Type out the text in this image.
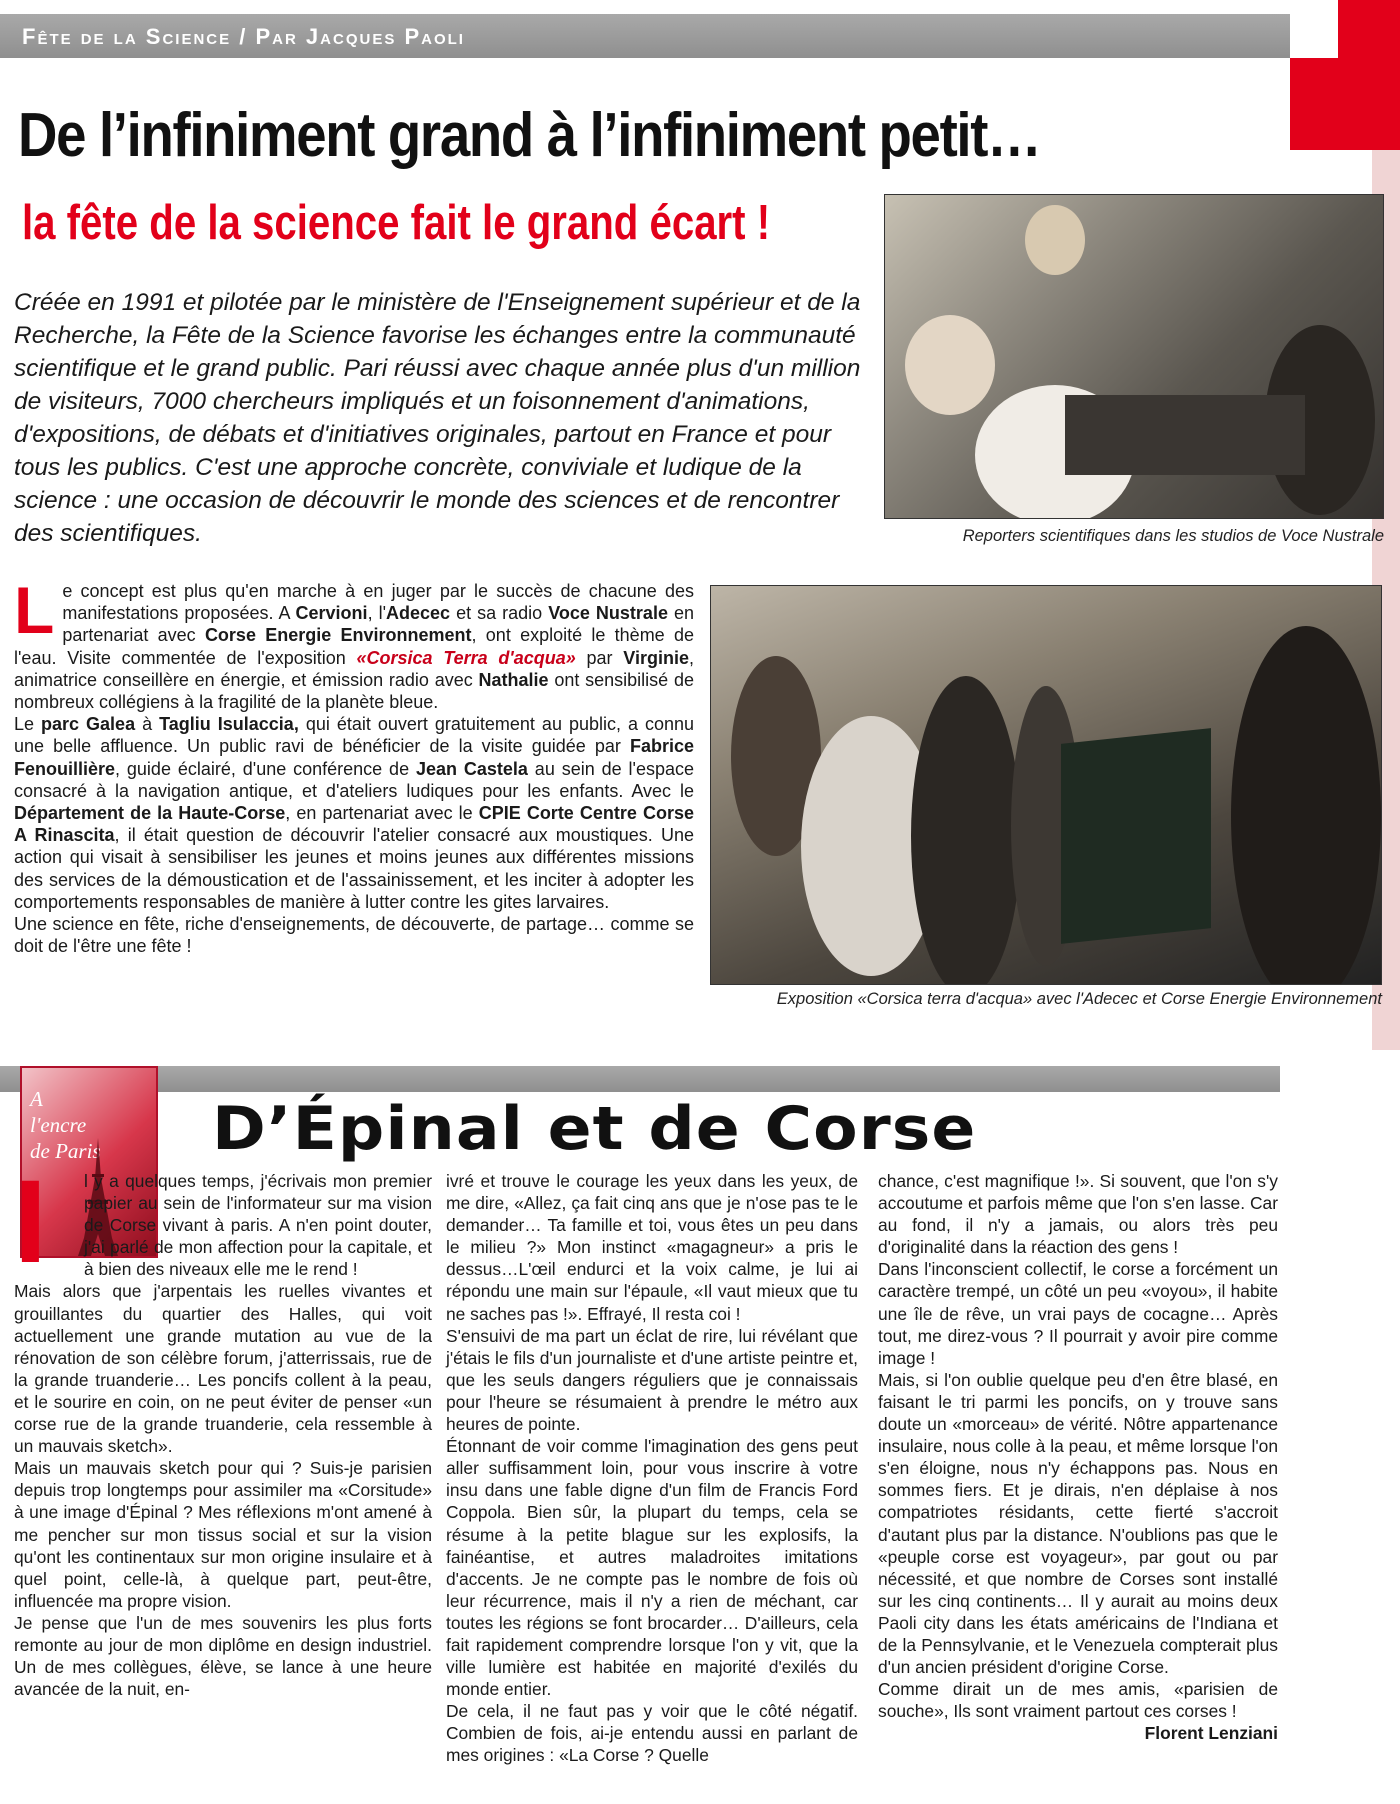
Fête de la Science / Par Jacques Paoli
De l’infiniment grand à l’infiniment petit…
la fête de la science fait le grand écart !
Créée en 1991 et pilotée par le ministère de l'Enseignement supérieur et de la Recherche, la Fête de la Science favorise les échanges entre la communauté scientifique et le grand public. Pari réussi avec chaque année plus d'un million de visiteurs, 7000 chercheurs impliqués et un foisonnement d'animations, d'expositions, de débats et d'initiatives originales, partout en France et pour tous les publics. C'est une approche concrète, conviviale et ludique de la science : une occasion de découvrir le monde des sciences et de rencontrer des scientifiques.	Reporters scientifiques dans les studios de Voce Nustrale
Exposition «Corsica terra d'acqua» avec l'Adecec et Corse Energie Environnement

Le concept est plus qu'en marche à en juger par le succès de chacune des manifestations proposées. A Cervioni, l'Adecec et sa radio Voce Nustrale en partenariat avec Corse Energie Environnement, ont exploité le thème de l'eau. Visite commentée de l'exposition «Corsica Terra d'acqua» par Virginie, animatrice conseillère en énergie, et émission radio avec Nathalie ont sensibilisé de nombreux collégiens à la fragilité de la planète bleue.

Le parc Galea à Tagliu Isulaccia, qui était ouvert gratuitement au public, a connu une belle affluence. Un public ravi de bénéficier de la visite guidée par Fabrice Fenouillière, guide éclairé, d'une conférence de Jean Castela au sein de l'espace consacré à la navigation antique, et d'ateliers ludiques pour les enfants. Avec le Département de la Haute-Corse, en partenariat avec le CPIE Corte Centre Corse A Rinascita, il était question de découvrir l'atelier consacré aux moustiques. Une action qui visait à sensibiliser les jeunes et moins jeunes aux différentes missions des services de la démoustication et de l'assainissement, et les inciter à adopter les comportements responsables de manière à lutter contre les gites larvaires.

Une science en fête, riche d'enseignements, de découverte, de partage… comme se doit de l'être une fête !

A
l'encre
de Paris D’Épinal et de Corse

I	l y a quelques temps, j'écrivais mon premier papier au sein de l'informateur sur ma vision de Corse vivant à paris. A n'en point douter, j'ai parlé de mon affection pour la capitale, et à bien des niveaux elle me le rend !

Mais alors que j'arpentais les ruelles vivantes et grouillantes du quartier des Halles, qui voit actuellement une grande mutation au vue de la rénovation de son célèbre forum, j'atterrissais, rue de la grande truanderie… Les poncifs collent à la peau, et le sourire en coin, on ne peut éviter de penser «un corse rue de la grande truanderie, cela ressemble à un mauvais sketch».

Mais un mauvais sketch pour qui ? Suis-je parisien depuis trop longtemps pour assimiler ma «Corsitude» à une image d'Épinal ? Mes réflexions m'ont amené à me pencher sur mon tissus social et sur la vision qu'ont les continentaux sur mon origine insulaire et à quel point, celle-là, à quelque part, peut-être, influencée ma propre vision.

Je pense que l'un de mes souvenirs les plus forts remonte au jour de mon diplôme en design industriel. Un de mes collègues, élève, se lance à une heure avancée de la nuit, en-

ivré et trouve le courage les yeux dans les yeux, de me dire, «Allez, ça fait cinq ans que je n'ose pas te le demander… Ta famille et toi, vous êtes un peu dans le milieu ?» Mon instinct «magagneur» a pris le dessus…L'œil endurci et la voix calme, je lui ai répondu une main sur l'épaule, «Il vaut mieux que tu ne saches pas !». Effrayé, Il resta coi !

S'ensuivi de ma part un éclat de rire, lui révélant que j'étais le fils d'un journaliste et d'une artiste peintre et, que les seuls dangers réguliers que je connaissais pour l'heure se résumaient à prendre le métro aux heures de pointe.

Étonnant de voir comme l'imagination des gens peut aller suffisamment loin, pour vous inscrire à votre insu dans une fable digne d'un film de Francis Ford Coppola. Bien sûr, la plupart du temps, cela se résume à la petite blague sur les explosifs, la fainéantise, et autres maladroites imitations d'accents. Je ne compte pas le nombre de fois où leur récurrence, mais il n'y a rien de méchant, car toutes les régions se font brocarder… D'ailleurs, cela fait rapidement comprendre lorsque l'on y vit, que la ville lumière est habitée en majorité d'exilés du monde entier.

De cela, il ne faut pas y voir que le côté négatif. Combien de fois, ai-je entendu aussi en parlant de mes origines : «La Corse ? Quelle

chance, c'est magnifique !». Si souvent, que l'on s'y accoutume et parfois même que l'on s'en lasse. Car au fond, il n'y a jamais, ou alors très peu d'originalité dans la réaction des gens !

Dans l'inconscient collectif, le corse a forcément un caractère trempé, un côté un peu «voyou», il habite une île de rêve, un vrai pays de cocagne… Après tout, me direz-vous ? Il pourrait y avoir pire comme image !

Mais, si l'on oublie quelque peu d'en être blasé, en faisant le tri parmi les poncifs, on y trouve sans doute un «morceau» de vérité. Nôtre appartenance insulaire, nous colle à la peau, et même lorsque l'on s'en éloigne, nous n'y échappons pas. Nous en sommes fiers. Et je dirais, n'en déplaise à nos compatriotes résidants, cette fierté s'accroit d'autant plus par la distance. N'oublions pas que le «peuple corse est voyageur», par gout ou par nécessité, et que nombre de Corses sont installé sur les cinq continents… Il y aurait au moins deux Paoli city dans les états américains de l'Indiana et de la Pennsylvanie, et le Venezuela compterait plus d'un ancien président d'origine Corse.

Comme dirait un de mes amis, «parisien de souche», Ils sont vraiment partout ces corses !

Florent Lenziani
